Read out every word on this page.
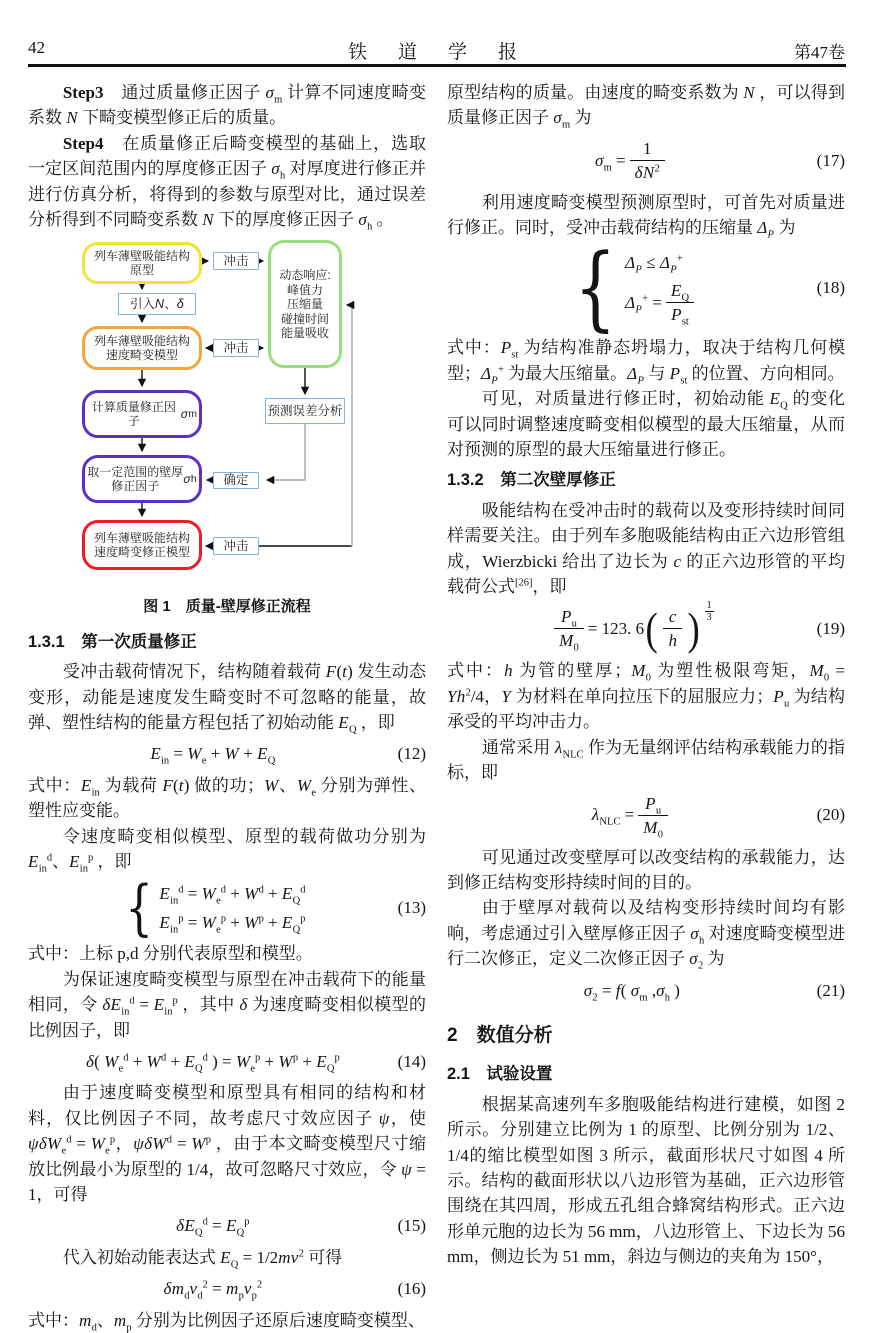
42	铁　道　学　报	第47卷

Step3　通过质量修正因子 $\sigma_m$ 计算不同速度畸变系数 N 下畸变模型修正后的质量。

Step4　在质量修正后畸变模型的基础上，选取一定区间范围内的厚度修正因子 $\sigma_h$ 对厚度进行修正并进行仿真分析，将得到的参数与原型对比，通过误差分析得到不同畸变系数 N 下的厚度修正因子 $\sigma_h$ 。

列车薄壁吸能结构
原型
冲击
动态响应:
峰值力
压缩量
碰撞时间
能量吸收
引入 N 、 δ
列车薄壁吸能结构
速度畸变模型
冲击
计算质量修正因子

σ m	预测误差分析
取一定范围的壁厚
修正因子
σ h	确定
列车薄壁吸能结构
速度畸变修正模型	冲击
图 1　质量-壁厚修正流程
1.3.1　第一次质量修正

受冲击载荷情况下，结构随着载荷 F(t) 发生动态变形，动能是速度发生畸变时不可忽略的能量，故弹、塑性结构的能量方程包括了初始动能 $E_Q$ ，即

$E_{in} = W_e + W + E_Q$	(12)

式中：$E_{in}$ 为载荷 F(t) 做的功；W、$W_e$ 分别为弹性、塑性应变能。

令速度畸变相似模型、原型的载荷做功分别为 $E_{in}^d$、$E_{in}^p$ ，即

{ $E_{in}^d = W_e^d + W^d + E_Q^d$
$E_{in}^p = W_e^p + W^p + E_Q^p$
(13)

式中：上标 p,d 分别代表原型和模型。

为保证速度畸变模型与原型在冲击载荷下的能量相同，令 $\delta E_{in}^d = E_{in}^p$ ，其中 δ 为速度畸变相似模型的比例因子，即

δ( $W_e^d + W^d + E_Q^d$ ) = $W_e^p + W^p + E_Q^p$	(14)

由于速度畸变模型和原型具有相同的结构和材料，仅比例因子不同，故考虑尺寸效应因子 ψ，使 $\psi\delta W_e^d = W_e^p$，$\psi\delta W^d = W^p$ ，由于本文畸变模型尺寸缩放比例最小为原型的 1/4，故可忽略尺寸效应，令 ψ = 1，可得

$\delta E_Q^d = E_Q^p$	(15)

代入初始动能表达式 $E_Q = 1/2mv^2$ 可得

$\delta m_dv_d^2 = m_pv_p^2$	(16)

式中：$m_d$、$m_p$ 分别为比例因子还原后速度畸变模型、

原型结构的质量。由速度的畸变系数为 N ，可以得到质量修正因子 $\sigma_m$ 为

$\sigma_m = \frac{1}{\delta N^2}$	(17)

利用速度畸变模型预测原型时，可首先对质量进行修正。同时，受冲击载荷结构的压缩量 $\Delta_P$ 为

{ $\Delta_P \le \Delta_P^+$
$\Delta_P^+ = \frac{E_Q}{P_{st}}$	(18)

式中：$P_{st}$ 为结构准静态坍塌力，取决于结构几何模型；$\Delta_P^+$ 为最大压缩量。$\Delta_P$ 与 $P_{st}$ 的位置、方向相同。

可见，对质量进行修正时，初始动能 $E_Q$ 的变化可以同时调整速度畸变相似模型的最大压缩量，从而对预测的原型的最大压缩量进行修正。

1.3.2　第二次壁厚修正

吸能结构在受冲击时的载荷以及变形持续时间同样需要关注。由于列车多胞吸能结构由正六边形管组成，Wierzbicki 给出了边长为 c 的正六边形管的平均载荷公式[26]，即

$\frac{P_u}{M_0} = 123$. 6 ( $\frac{c}{h}$ ) 1
3
(19)

式中：h 为管的壁厚；$M_0$ 为塑性极限弯矩，$M_0 = Yh^2/4$，Y 为材料在单向拉压下的屈服应力；$P_u$ 为结构承受的平均冲击力。

通常采用 $\lambda_{NLC}$ 作为无量纲评估结构承载能力的指标，即

$\lambda_{NLC} = \frac{P_u}{M_0}$	(20)

可见通过改变壁厚可以改变结构的承载能力，达到修正结构变形持续时间的目的。

由于壁厚对载荷以及结构变形持续时间均有影响，考虑通过引入壁厚修正因子 $\sigma_h$ 对速度畸变模型进行二次修正，定义二次修正因子 $\sigma_2$ 为

$\sigma_2 = f$( $\sigma_m$ $,\sigma_h$ )	(21)
2　数值分析
2.1　试验设置

根据某高速列车多胞吸能结构进行建模，如图 2 所示。分别建立比例为 1 的原型、比例分别为 1/2、1/4的缩比模型如图 3 所示，截面形状尺寸如图 4 所示。结构的截面形状以八边形管为基础，正六边形管围绕在其四周，形成五孔组合蜂窝结构形式。正六边形单元胞的边长为 56 mm，八边形管上、下边长为 56 mm，侧边长为 51 mm，斜边与侧边的夹角为 150°，
